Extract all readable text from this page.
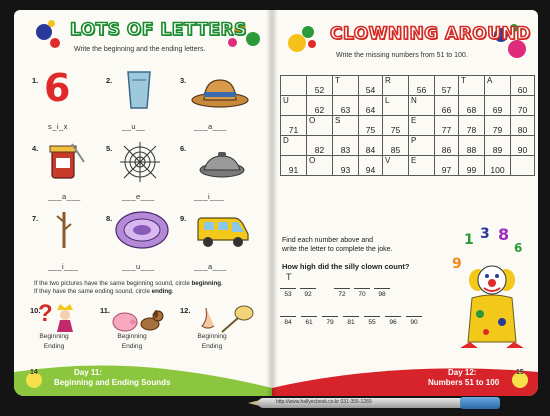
LOTS OF LETTERS
Write the beginning and the ending letters.
1. 6
s_i_x
2.
__u__
3.
___a___
4.
___a___
5.
___e___
6.
___i___
7.
___i___
8.
___u___
9.
___a___
If the two pictures have the same beginning sound, circle beginning.
If they have the same ending sound, circle ending.
10.
?
Beginning
Ending
11.
Beginning
Ending
12.
Beginning
Ending
14	Day 11:
Beginning and Ending Sounds
CLOWNING AROUND
Write the missing numbers from 51 to 100.
	52	T	54	R	56	57	T	A	60
U	62	63	64	L	N	66	68	69	70
71	O	S	75	75	E	77	78	79	80
D	82	83	84	85	P	86	88	89	90
91	O	93	94	V	E	97	99	100	
Find each number above and
write the letter to complete the joke.
How high did the silly clown count?
T
53	92	72	70	98
84	61	79	81	55	96	90
9
1 3 8
6
Day 12:
Numbers 51 to 100
15
http://www.hallyecbook.co.kr 031-355-1289
